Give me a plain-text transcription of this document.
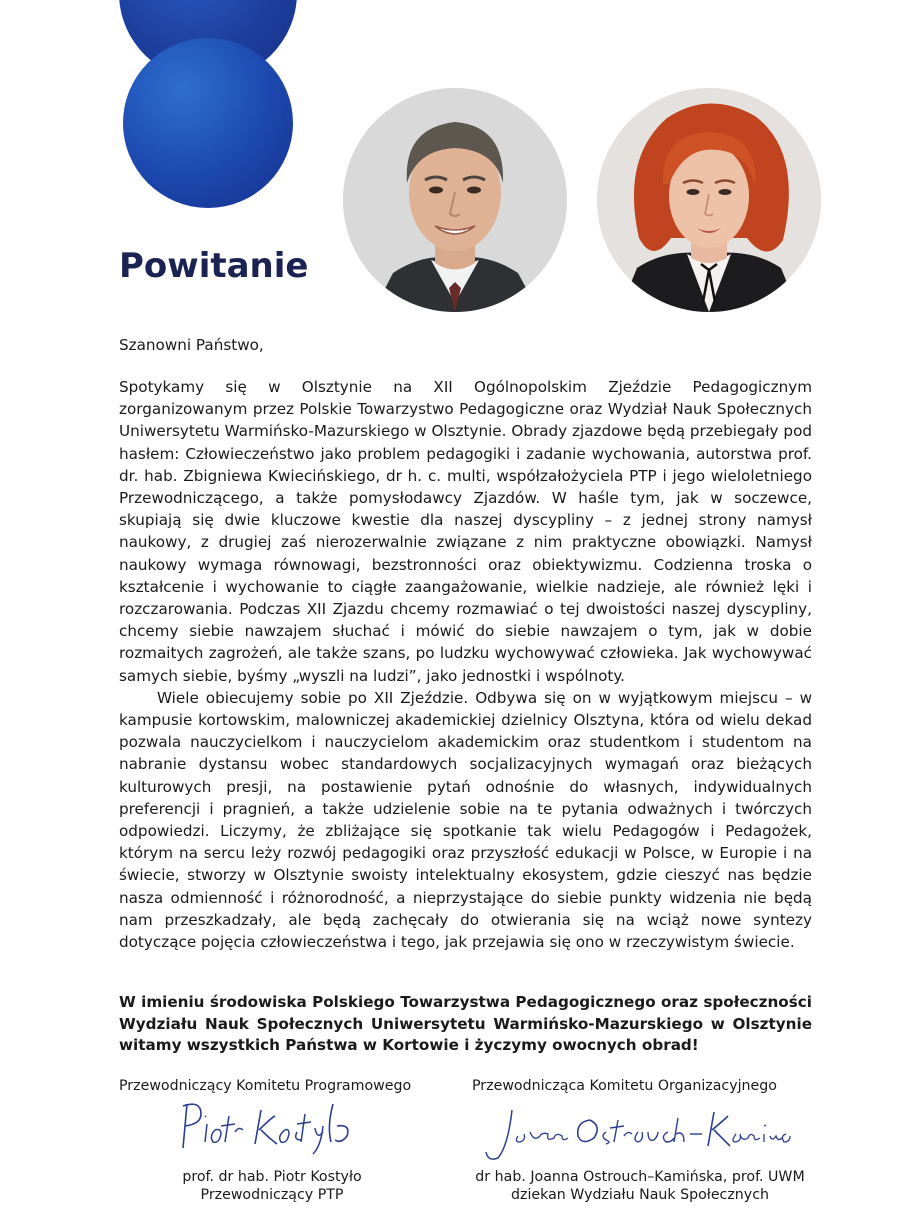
Powitanie
Szanowni Państwo,

Spotykamy się w Olsztynie na XII Ogólnopolskim Zjeździe Pedagogicznym zorganizowanym przez Polskie Towarzystwo Pedagogiczne oraz Wydział Nauk Społecznych Uniwersytetu Warmińsko-Mazurskiego w Olsztynie. Obrady zjazdowe będą przebiegały pod hasłem: Człowieczeństwo jako problem pedagogiki i zadanie wychowania, autorstwa prof. dr. hab. Zbigniewa Kwiecińskiego, dr h. c. multi, współzałożyciela PTP i jego wieloletniego Przewodniczącego, a także pomysłodawcy Zjazdów. W haśle tym, jak w soczewce, skupiają się dwie kluczowe kwestie dla naszej dyscypliny – z jednej strony namysł naukowy, z drugiej zaś nierozerwalnie związane z nim praktyczne obowiązki. Namysł naukowy wymaga równowagi, bezstronności oraz obiektywizmu. Codzienna troska o kształcenie i wychowanie to ciągłe zaangażowanie, wielkie nadzieje, ale również lęki i rozczarowania. Podczas XII Zjazdu chcemy rozmawiać o tej dwoistości naszej dyscypliny, chcemy siebie nawzajem słuchać i mówić do siebie nawzajem o tym, jak w dobie rozmaitych zagrożeń, ale także szans, po ludzku wychowywać człowieka. Jak wychowywać samych siebie, byśmy „wyszli na ludzi”, jako jednostki i wspólnoty.

Wiele obiecujemy sobie po XII Zjeździe. Odbywa się on w wyjątkowym miejscu – w kampusie kortowskim, malowniczej akademickiej dzielnicy Olsztyna, która od wielu dekad pozwala nauczycielkom i nauczycielom akademickim oraz studentkom i studentom na nabranie dystansu wobec standardowych socjalizacyjnych wymagań oraz bieżących kulturowych presji, na postawienie pytań odnośnie do własnych, indywidualnych preferencji i pragnień, a także udzielenie sobie na te pytania odważnych i twórczych odpowiedzi. Liczymy, że zbliżające się spotkanie tak wielu Pedagogów i Pedagożek, którym na sercu leży rozwój pedagogiki oraz przyszłość edukacji w Polsce, w Europie i na świecie, stworzy w Olsztynie swoisty intelektualny ekosystem, gdzie cieszyć nas będzie nasza odmienność i różnorodność, a nieprzystające do siebie punkty widzenia nie będą nam przeszkadzały, ale będą zachęcały do otwierania się na wciąż nowe syntezy dotyczące pojęcia człowieczeństwa i tego, jak przejawia się ono w rzeczywistym świecie.

W imieniu środowiska Polskiego Towarzystwa Pedagogicznego oraz społeczności Wydziału Nauk Społecznych Uniwersytetu Warmińsko-Mazurskiego w Olsztynie witamy wszystkich Państwa w Kortowie i życzymy owocnych obrad!
Przewodniczący Komitetu Programowego
prof. dr hab. Piotr Kostyło
Przewodniczący PTP
Przewodnicząca Komitetu Organizacyjnego
dr hab. Joanna Ostrouch–Kamińska, prof. UWM
dziekan Wydziału Nauk Społecznych
